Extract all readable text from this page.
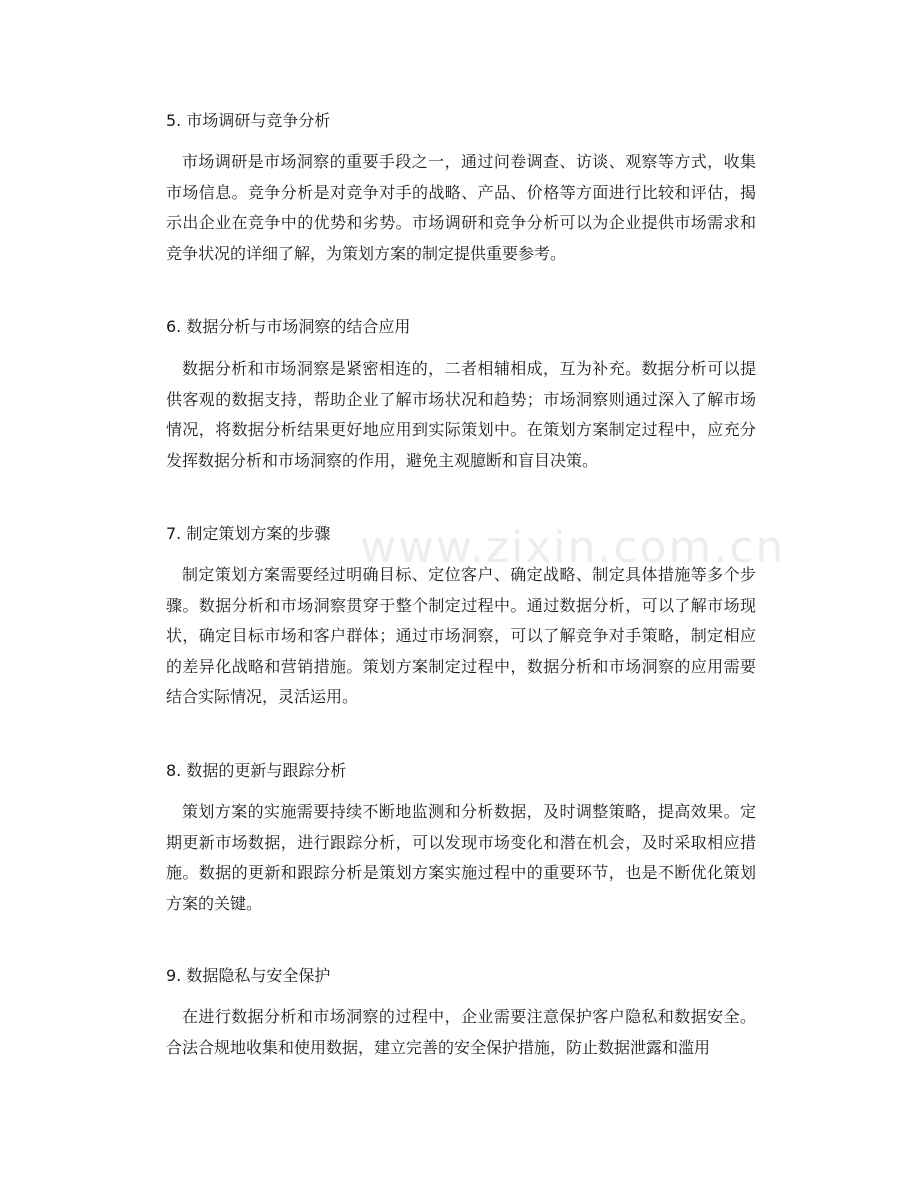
5. 市场调研与竞争分析

市场调研是市场洞察的重要手段之一，通过问卷调查、访谈、观察等方式，收集市场信息。竞争分析是对竞争对手的战略、产品、价格等方面进行比较和评估，揭示出企业在竞争中的优势和劣势。市场调研和竞争分析可以为企业提供市场需求和竞争状况的详细了解，为策划方案的制定提供重要参考。

6. 数据分析与市场洞察的结合应用

数据分析和市场洞察是紧密相连的，二者相辅相成，互为补充。数据分析可以提供客观的数据支持，帮助企业了解市场状况和趋势；市场洞察则通过深入了解市场情况，将数据分析结果更好地应用到实际策划中。在策划方案制定过程中，应充分发挥数据分析和市场洞察的作用，避免主观臆断和盲目决策。

7. 制定策划方案的步骤

制定策划方案需要经过明确目标、定位客户、确定战略、制定具体措施等多个步骤。数据分析和市场洞察贯穿于整个制定过程中。通过数据分析，可以了解市场现状，确定目标市场和客户群体；通过市场洞察，可以了解竞争对手策略，制定相应的差异化战略和营销措施。策划方案制定过程中，数据分析和市场洞察的应用需要结合实际情况，灵活运用。

8. 数据的更新与跟踪分析

策划方案的实施需要持续不断地监测和分析数据，及时调整策略，提高效果。定期更新市场数据，进行跟踪分析，可以发现市场变化和潜在机会，及时采取相应措施。数据的更新和跟踪分析是策划方案实施过程中的重要环节，也是不断优化策划方案的关键。

9. 数据隐私与安全保护

在进行数据分析和市场洞察的过程中，企业需要注意保护客户隐私和数据安全。合法合规地收集和使用数据，建立完善的安全保护措施，防止数据泄露和滥用

www.zixin.com.cn
